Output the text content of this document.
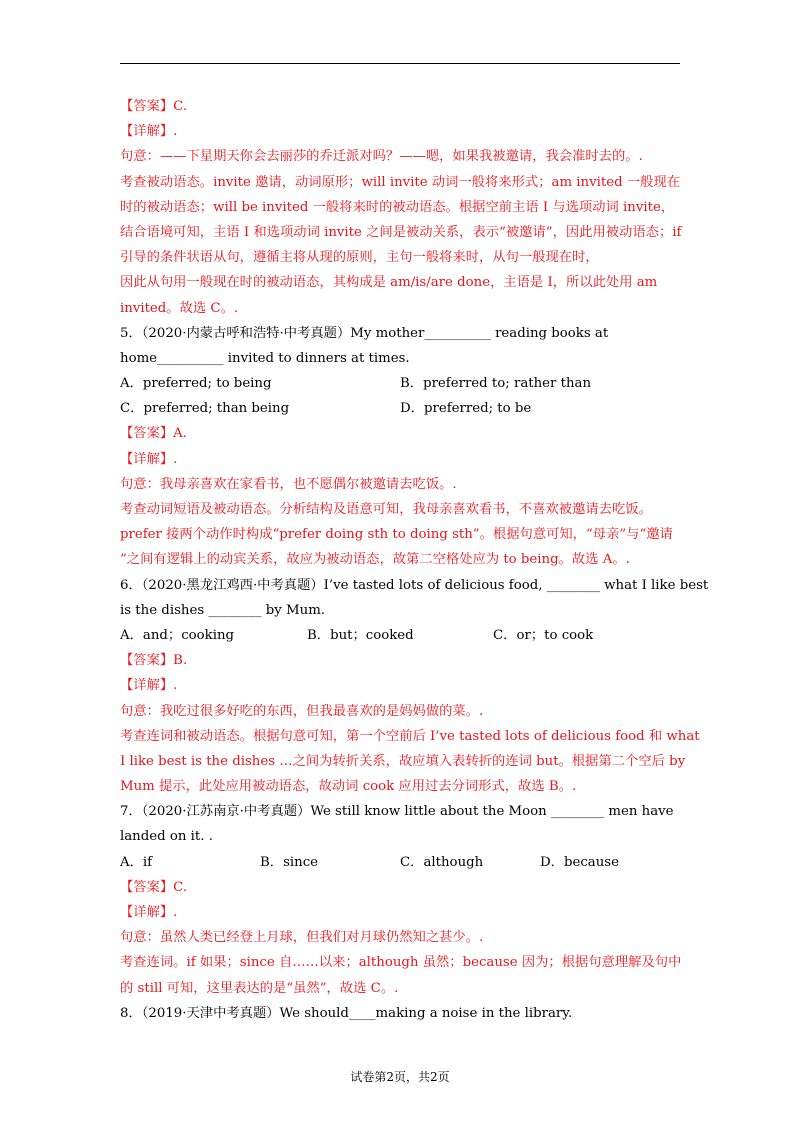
【答案】C.
【详解】.
句意：——下星期天你会去丽莎的乔迁派对吗？——嗯，如果我被邀请，我会准时去的。.
考查被动语态。invite 邀请，动词原形；will invite 动词一般将来形式；am invited 一般现在
时的被动语态；will be invited 一般将来时的被动语态。根据空前主语 I 与选项动词 invite，
结合语境可知，主语 I 和选项动词 invite 之间是被动关系，表示“被邀请”，因此用被动语态；if 引导的条件状语从句，遵循主将从现的原则，主句一般将来时，从句一般现在时，
因此从句用一般现在时的被动语态，其构成是 am/is/are done，主语是 I，所以此处用 am
invited。故选 C。.
5．（2020·内蒙古呼和浩特·中考真题）My mother__________ reading books at
home__________ invited to dinners at times.
A．preferred; to being	B．preferred to; rather than
C．preferred; than being	D．preferred; to be
【答案】A.
【详解】.
句意：我母亲喜欢在家看书，也不愿偶尔被邀请去吃饭。.
考查动词短语及被动语态。分析结构及语意可知，我母亲喜欢看书，不喜欢被邀请去吃饭。
prefer 接两个动作时构成“prefer doing sth to doing sth”。根据句意可知，“母亲”与“邀请
”之间有逻辑上的动宾关系，故应为被动语态，故第二空格处应为 to being。故选 A。.
6．（2020·黑龙江鸡西·中考真题）I’ve tasted lots of delicious food, ________ what I like best
is the dishes ________ by Mum.
A．and；cooking	B．but；cooked	C．or；to cook
【答案】B.
【详解】.
句意：我吃过很多好吃的东西，但我最喜欢的是妈妈做的菜。.
考查连词和被动语态。根据句意可知，第一个空前后 I’ve tasted lots of delicious food 和 what
I like best is the dishes …之间为转折关系，故应填入表转折的连词 but。根据第二个空后 by
Mum 提示，此处应用被动语态，故动词 cook 应用过去分词形式，故选 B。.
7．（2020·江苏南京·中考真题）We still know little about the Moon ________ men have
landed on it. .
A．if	B．since	C．although	D．because
【答案】C.
【详解】.
句意：虽然人类已经登上月球，但我们对月球仍然知之甚少。.
考查连词。if 如果；since 自……以来；although 虽然；because 因为；根据句意理解及句中
的 still 可知，这里表达的是“虽然”，故选 C。.
8．（2019·天津中考真题）We should____making a noise in the library.
试卷第2页，共2页
